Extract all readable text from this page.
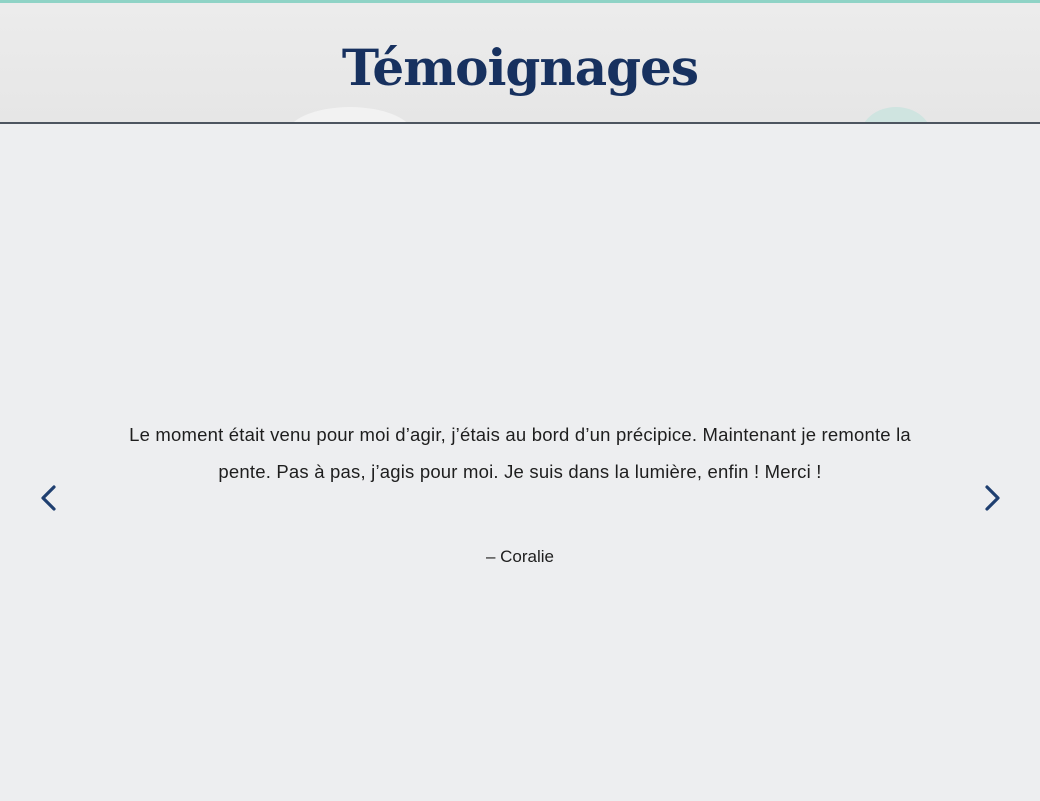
Témoignages

Le moment était venu pour moi d’agir, j’étais au bord d’un précipice. Maintenant je remonte la pente. Pas à pas, j’agis pour moi. Je suis dans la lumière, enfin ! Merci !

– Coralie
